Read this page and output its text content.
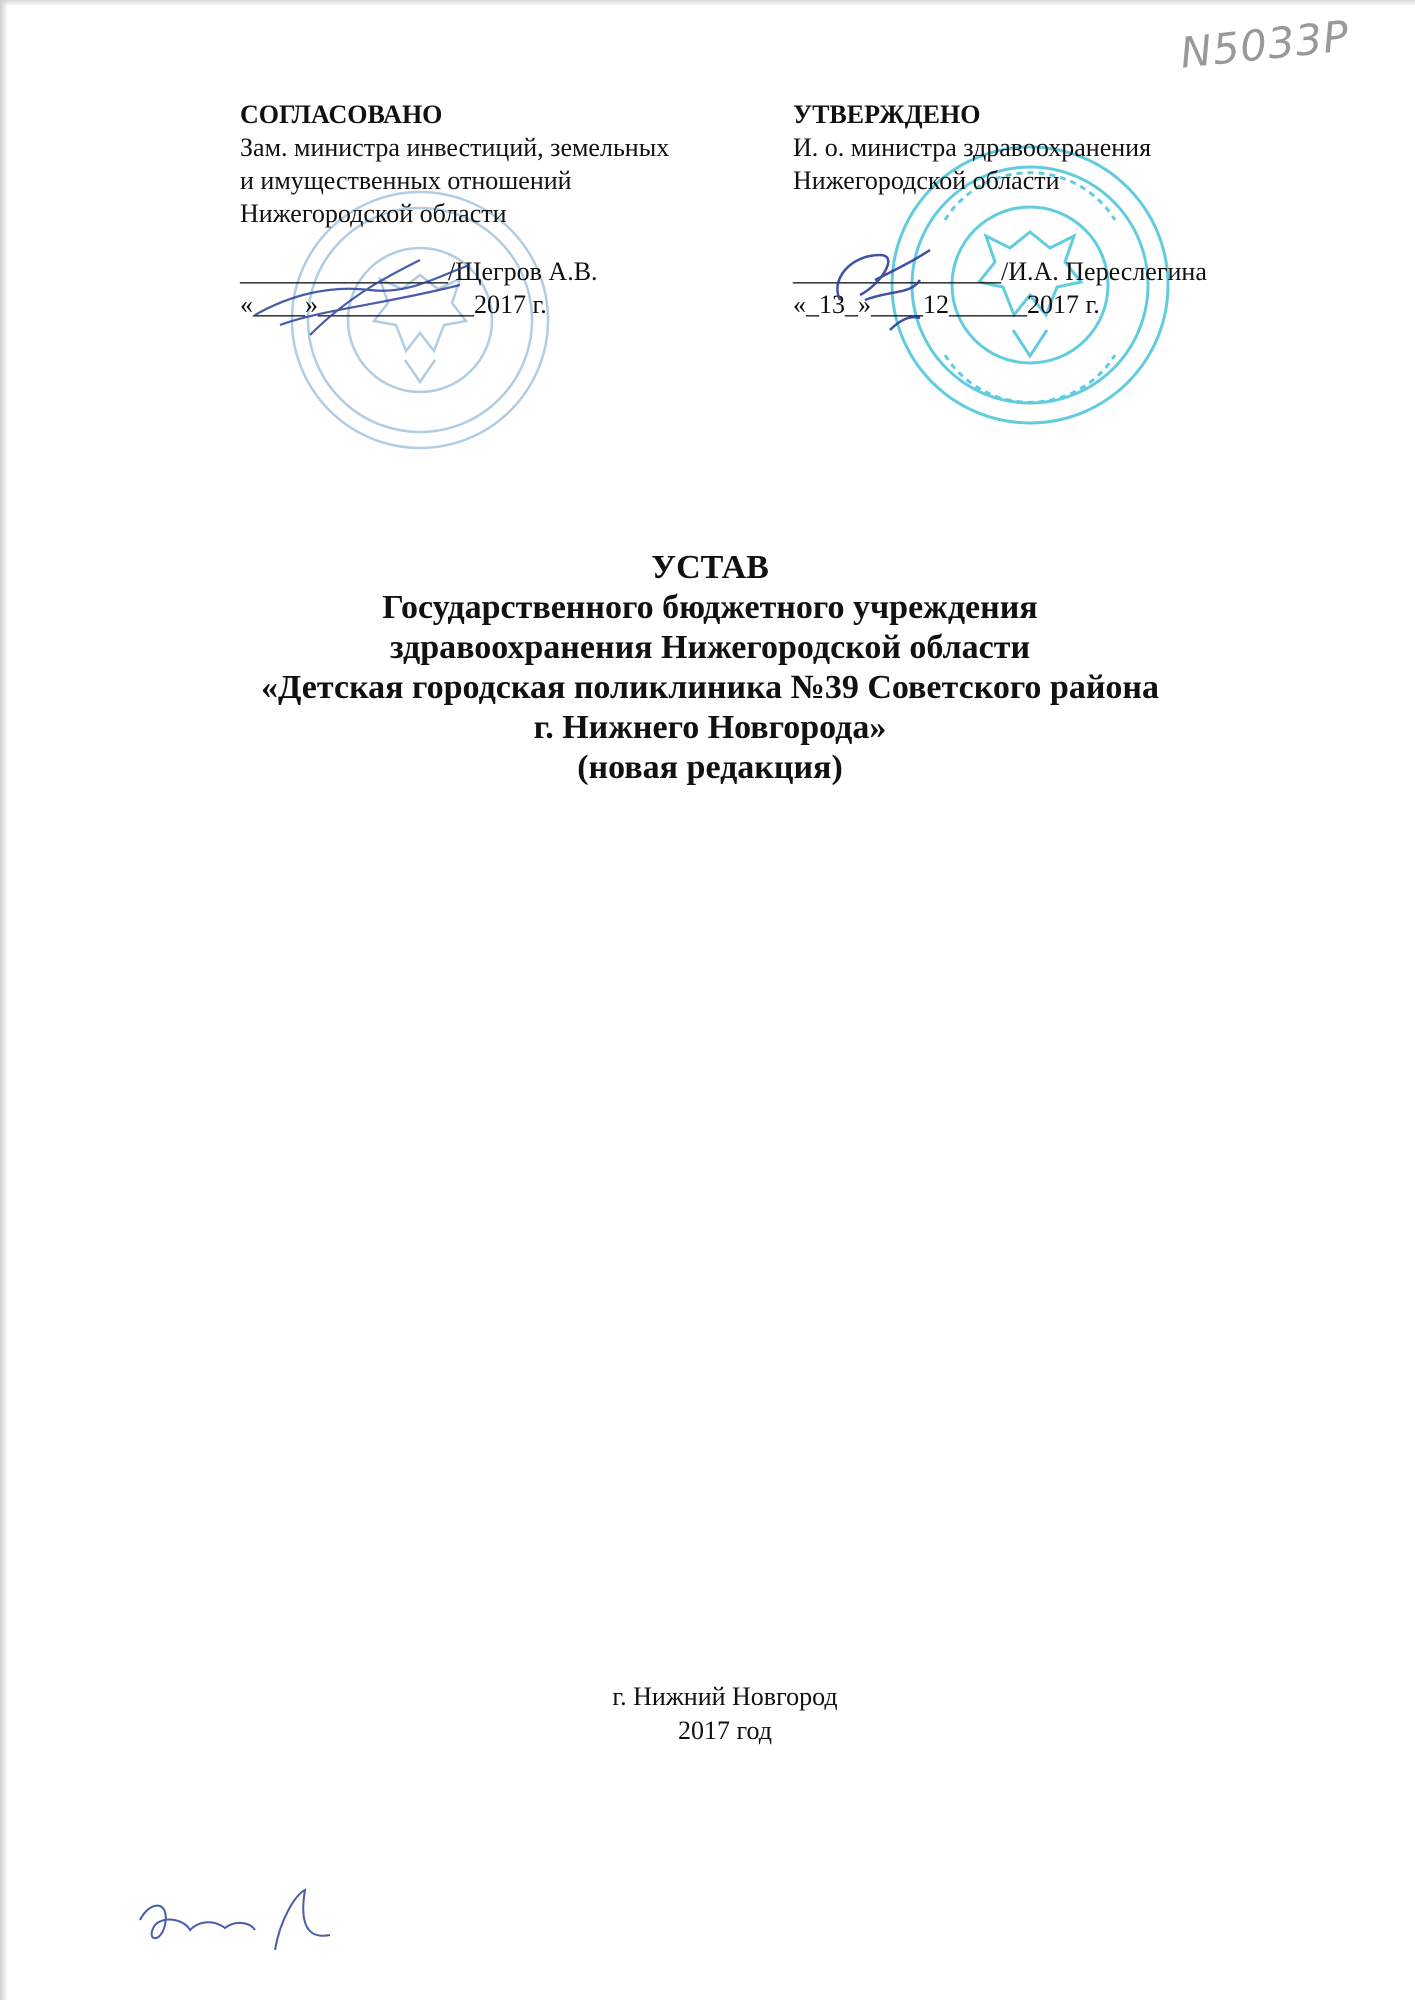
N5033Р
СОГЛАСОВАНО
Зам. министра инвестиций, земельных
и имущественных отношений
Нижегородской области
________________/Щегров А.В.
«____»____________2017 г.
УТВЕРЖДЕНО
И. о. министра здравоохранения
Нижегородской области
________________/И.А. Переслегина
«_13_»____12______2017 г.
УСТАВ
Государственного бюджетного учреждения
здравоохранения Нижегородской области
«Детская городская поликлиника №39 Советского района
г. Нижнего Новгорода»
(новая редакция)
г. Нижний Новгород
2017 год
